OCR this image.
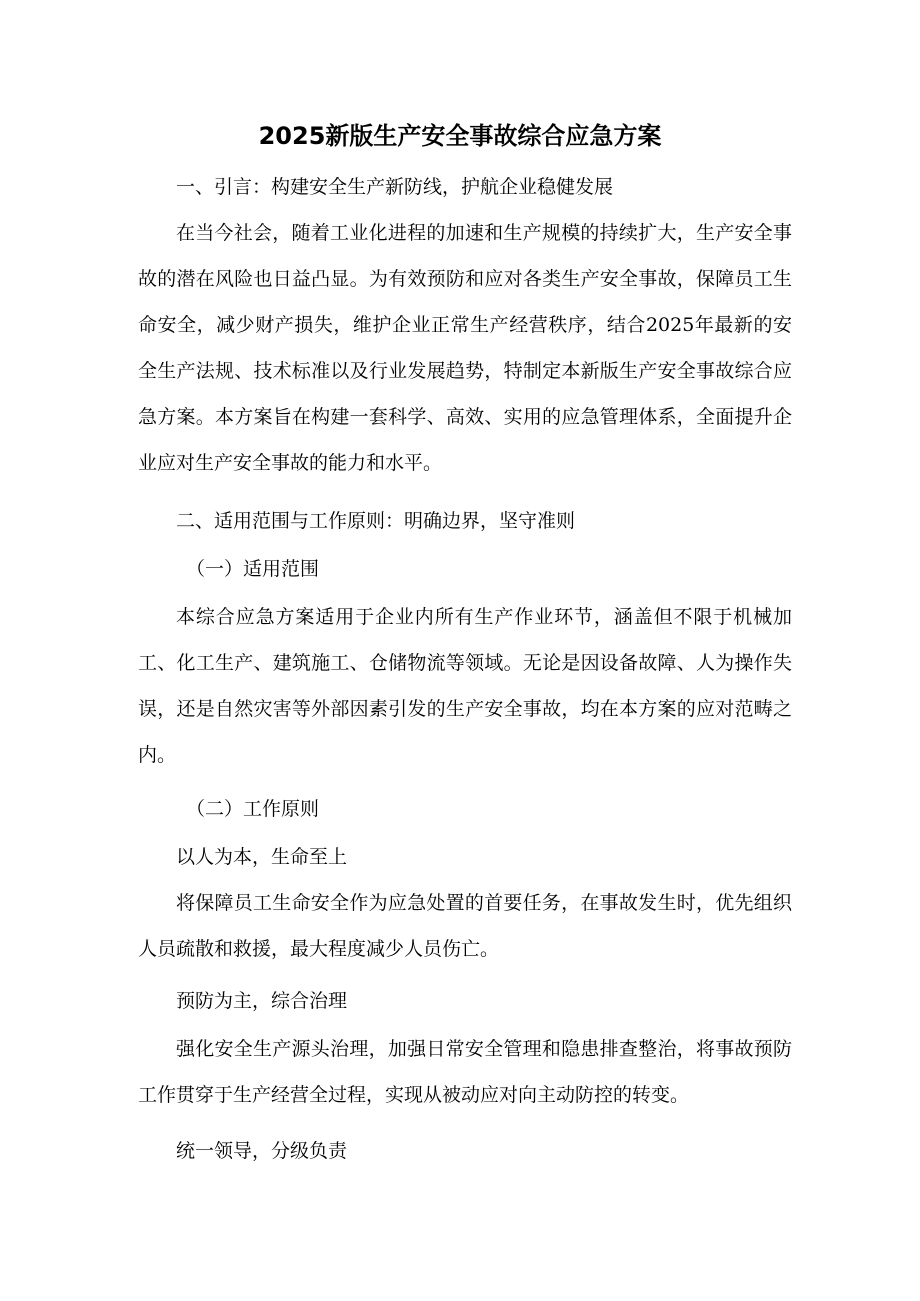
2025新版生产安全事故综合应急方案

一、引言：构建安全生产新防线，护航企业稳健发展

在当今社会，随着工业化进程的加速和生产规模的持续扩大，生产安全事故的潜在风险也日益凸显。为有效预防和应对各类生产安全事故，保障员工生命安全，减少财产损失，维护企业正常生产经营秩序，结合2025年最新的安全生产法规、技术标准以及行业发展趋势，特制定本新版生产安全事故综合应急方案。本方案旨在构建一套科学、高效、实用的应急管理体系，全面提升企业应对生产安全事故的能力和水平。

二、适用范围与工作原则：明确边界，坚守准则

（一）适用范围

本综合应急方案适用于企业内所有生产作业环节，涵盖但不限于机械加工、化工生产、建筑施工、仓储物流等领域。无论是因设备故障、人为操作失误，还是自然灾害等外部因素引发的生产安全事故，均在本方案的应对范畴之内。

（二）工作原则

以人为本，生命至上

将保障员工生命安全作为应急处置的首要任务，在事故发生时，优先组织人员疏散和救援，最大程度减少人员伤亡。

预防为主，综合治理

强化安全生产源头治理，加强日常安全管理和隐患排查整治，将事故预防工作贯穿于生产经营全过程，实现从被动应对向主动防控的转变。

统一领导，分级负责
